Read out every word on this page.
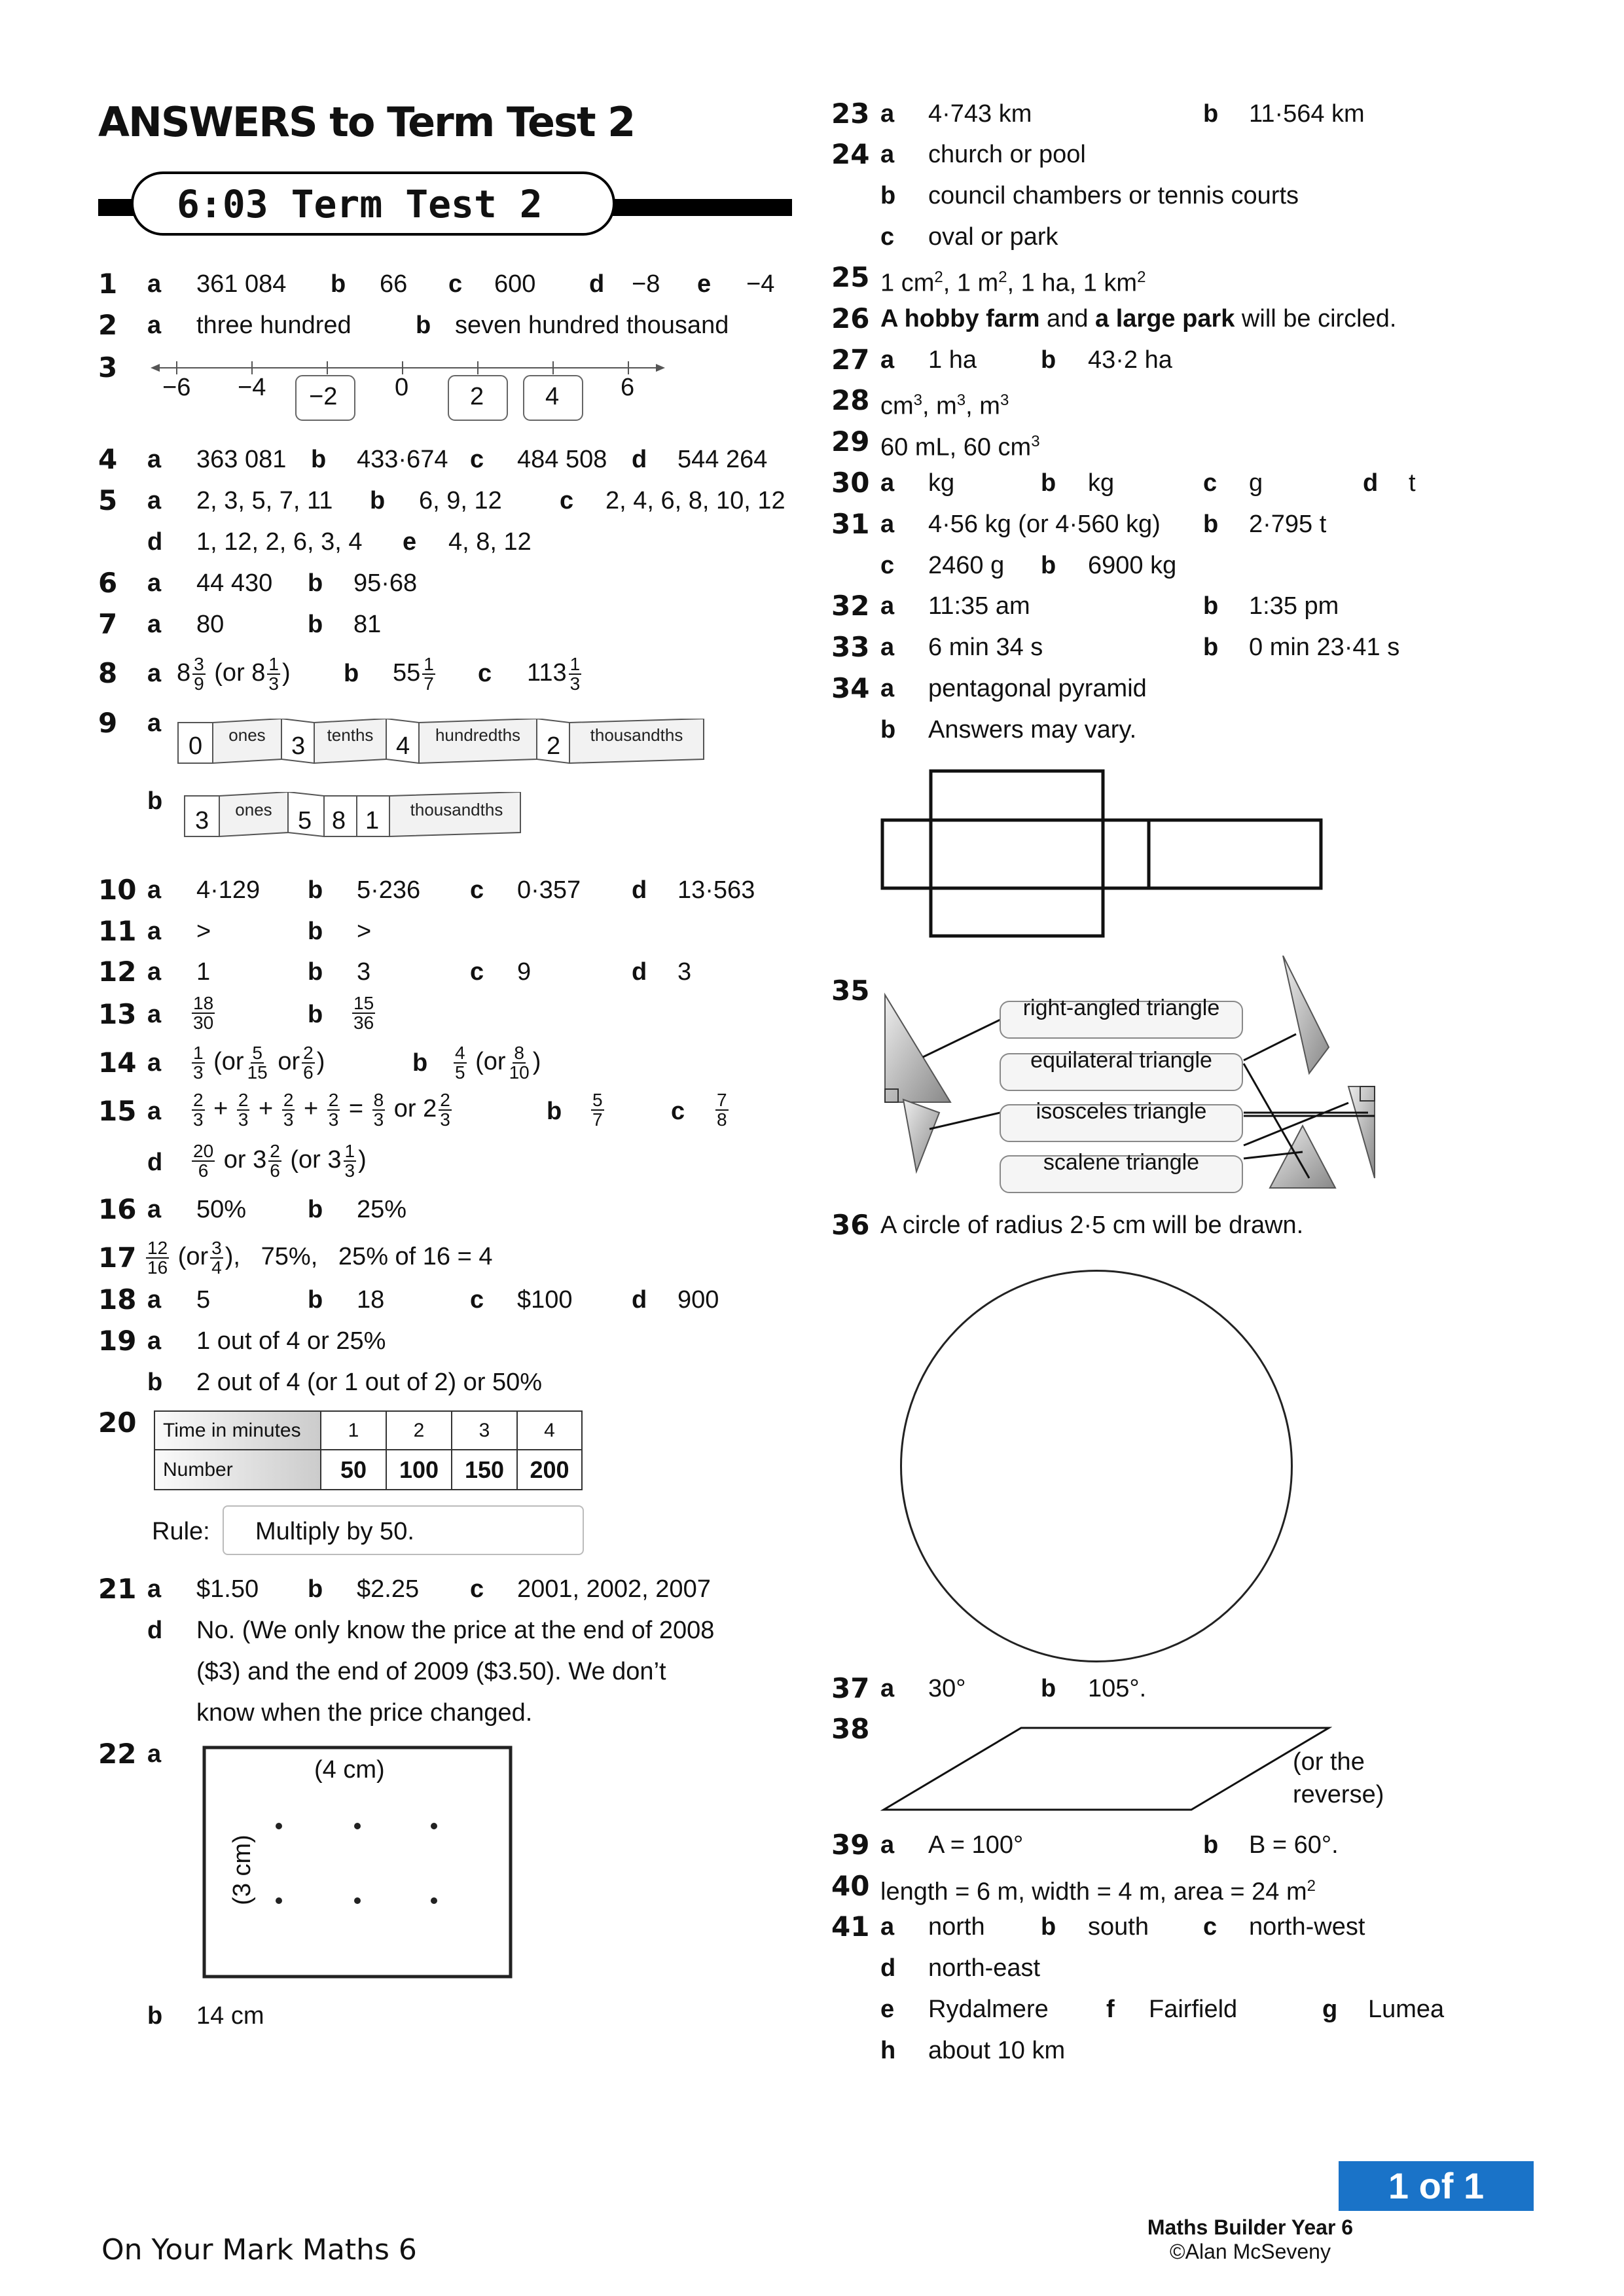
ANSWERS to Term Test 2
6:03 Term Test 2
1 a 361 084 b 66 c 600 d −8 e −4
2 a three hundred	b seven hundred thousand
3
−6 −4 −2 0 2 4 6
4 a 363 081 b 433·674 c 484 508 d 544 264
5 a 2, 3, 5, 7, 11 b 6, 9, 12 c 2, 4, 6, 8, 10, 12
d 1, 12, 2, 6, 3, 4 e 4, 8, 12
6 a 44 430 b 95·68
7 a 80	b 81
8 a $8 \frac{3}{9} (or$ $8 \frac{1}{3}$ ) b $55 \frac{1}{7}$ c $113 \frac{1}{3}$
9 a
0	ones	3	tenths 4	hundredths	2	thousandths
b
3	ones	5 8 1	thousandths
10 a 4·129 b 5·236 c 0·357 d 13·563
11 a >	b >
12 a 1	b 3	c 9	d 3
13 a $\frac{18}{30}$	b $\frac{15}{36}$
14 a $\frac{1}{3} (or \frac{5}{15}$ or $\frac{2}{6}$ )	b $\frac{4}{5} (or \frac{8}{10}$ )
15 a $\frac{2}{3} + \frac{2}{3} + \frac{2}{3} + \frac{2}{3} = \frac{8}{3}$ or $2 \frac{2}{3}$	b $\frac{5}{7}$	c $\frac{7}{8}$
d $\frac{20}{6}$ or $3 \frac{2}{6} (or$ $3 \frac{1}{3}$ )
16 a 50% b 25%
$17 \frac{12}{16} (or \frac{3}{4}$ ),   75%,   25% of 16 = 4
18 a 5	b 18	c $100 d 900
19 a 1 out of 4 or 25%
b 2 out of 4 (or 1 out of 2) or 50%
20	Time in minutes	1	2	3	4
Number	50	100	150	200
Rule: Multiply by 50.
21 a $1.50 b $2.25 c 2001, 2002, 2007
d No. (We only know the price at the end of 2008
($3) and the end of 2009 ($3.50). We don’t
know when the price changed.
22 a
(4 cm)
(3 cm)
b 14 cm
23 a 4·743 km	b 11·564 km
24 a church or pool
b council chambers or tennis courts
c oval or park
25 1 $cm^2$, 1 $m^2$, 1 ha, 1 $km^2$
26 A hobby farm and a large park will be circled.
27 a 1 ha	b 43·2 ha
28 $cm^3$, $m^3$, $m^3$
29 60 mL, 60 $cm^3$
30 a kg	b kg	c g	d t
31 a 4·56 kg (or 4·560 kg) b 2·795 t
c 2460 g b 6900 kg
32 a 11:35 am	b 1:35 pm
33 a 6 min 34 s	b 0 min 23·41 s
34 a pentagonal pyramid
b Answers may vary.
35
right-angled triangle
equilateral triangle
isosceles triangle
scalene triangle
36 A circle of radius 2·5 cm will be drawn.
37 a 30°	b 105°.
38
(or the
reverse)
39 a A = 100°	b B = 60°.
40 length = 6 m, width = 4 m, area = 24 $m^2$
41 a north b south c north-west
d north-east
e Rydalmere f Fairfield	g Lumea
h about 10 km
1 of 1
Maths Builder Year 6
©Alan McSeveny
On Your Mark Maths 6
